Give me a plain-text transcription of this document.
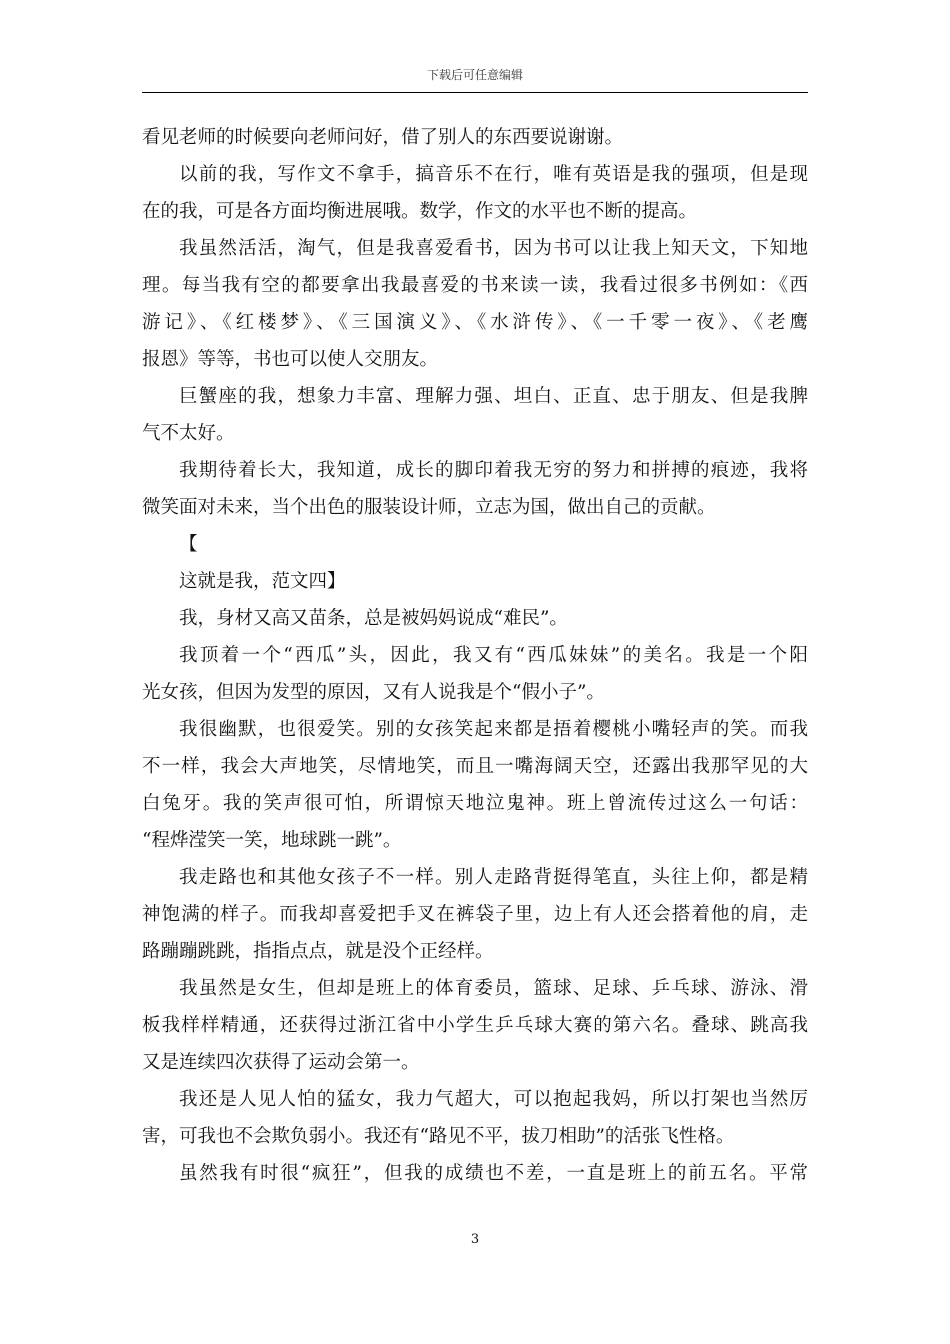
下载后可任意编辑
看见老师的时候要向老师问好，借了别人的东西要说谢谢。
以前的我，写作文不拿手，搞音乐不在行，唯有英语是我的强项，但是现
在的我，可是各方面均衡进展哦。数学，作文的水平也不断的提高。
我虽然活活，淘气，但是我喜爱看书，因为书可以让我上知天文，下知地
理。每当我有空的都要拿出我最喜爱的书来读一读，我看过很多书例如：《西
游记》、《红楼梦》、《三国演义》、《水浒传》、《一千零一夜》、《老鹰
报恩》等等，书也可以使人交朋友。
巨蟹座的我，想象力丰富、理解力强、坦白、正直、忠于朋友、但是我脾
气不太好。
我期待着长大，我知道，成长的脚印着我无穷的努力和拼搏的痕迹，我将
微笑面对未来，当个出色的服装设计师，立志为国，做出自己的贡献。
【
这就是我，范文四】
我，身材又高又苗条，总是被妈妈说成“难民”。
我顶着一个“西瓜”头，因此，我又有“西瓜妹妹”的美名。我是一个阳
光女孩，但因为发型的原因，又有人说我是个“假小子”。
我很幽默，也很爱笑。别的女孩笑起来都是捂着樱桃小嘴轻声的笑。而我
不一样，我会大声地笑，尽情地笑，而且一嘴海阔天空，还露出我那罕见的大
白兔牙。我的笑声很可怕，所谓惊天地泣鬼神。班上曾流传过这么一句话：
“程烨滢笑一笑，地球跳一跳”。
我走路也和其他女孩子不一样。别人走路背挺得笔直，头往上仰，都是精
神饱满的样子。而我却喜爱把手叉在裤袋子里，边上有人还会搭着他的肩，走
路蹦蹦跳跳，指指点点，就是没个正经样。
我虽然是女生，但却是班上的体育委员，篮球、足球、乒乓球、游泳、滑
板我样样精通，还获得过浙江省中小学生乒乓球大赛的第六名。叠球、跳高我
又是连续四次获得了运动会第一。
我还是人见人怕的猛女，我力气超大，可以抱起我妈，所以打架也当然厉
害，可我也不会欺负弱小。我还有“路见不平，拔刀相助”的活张飞性格。
虽然我有时很“疯狂”，但我的成绩也不差，一直是班上的前五名。平常
3
